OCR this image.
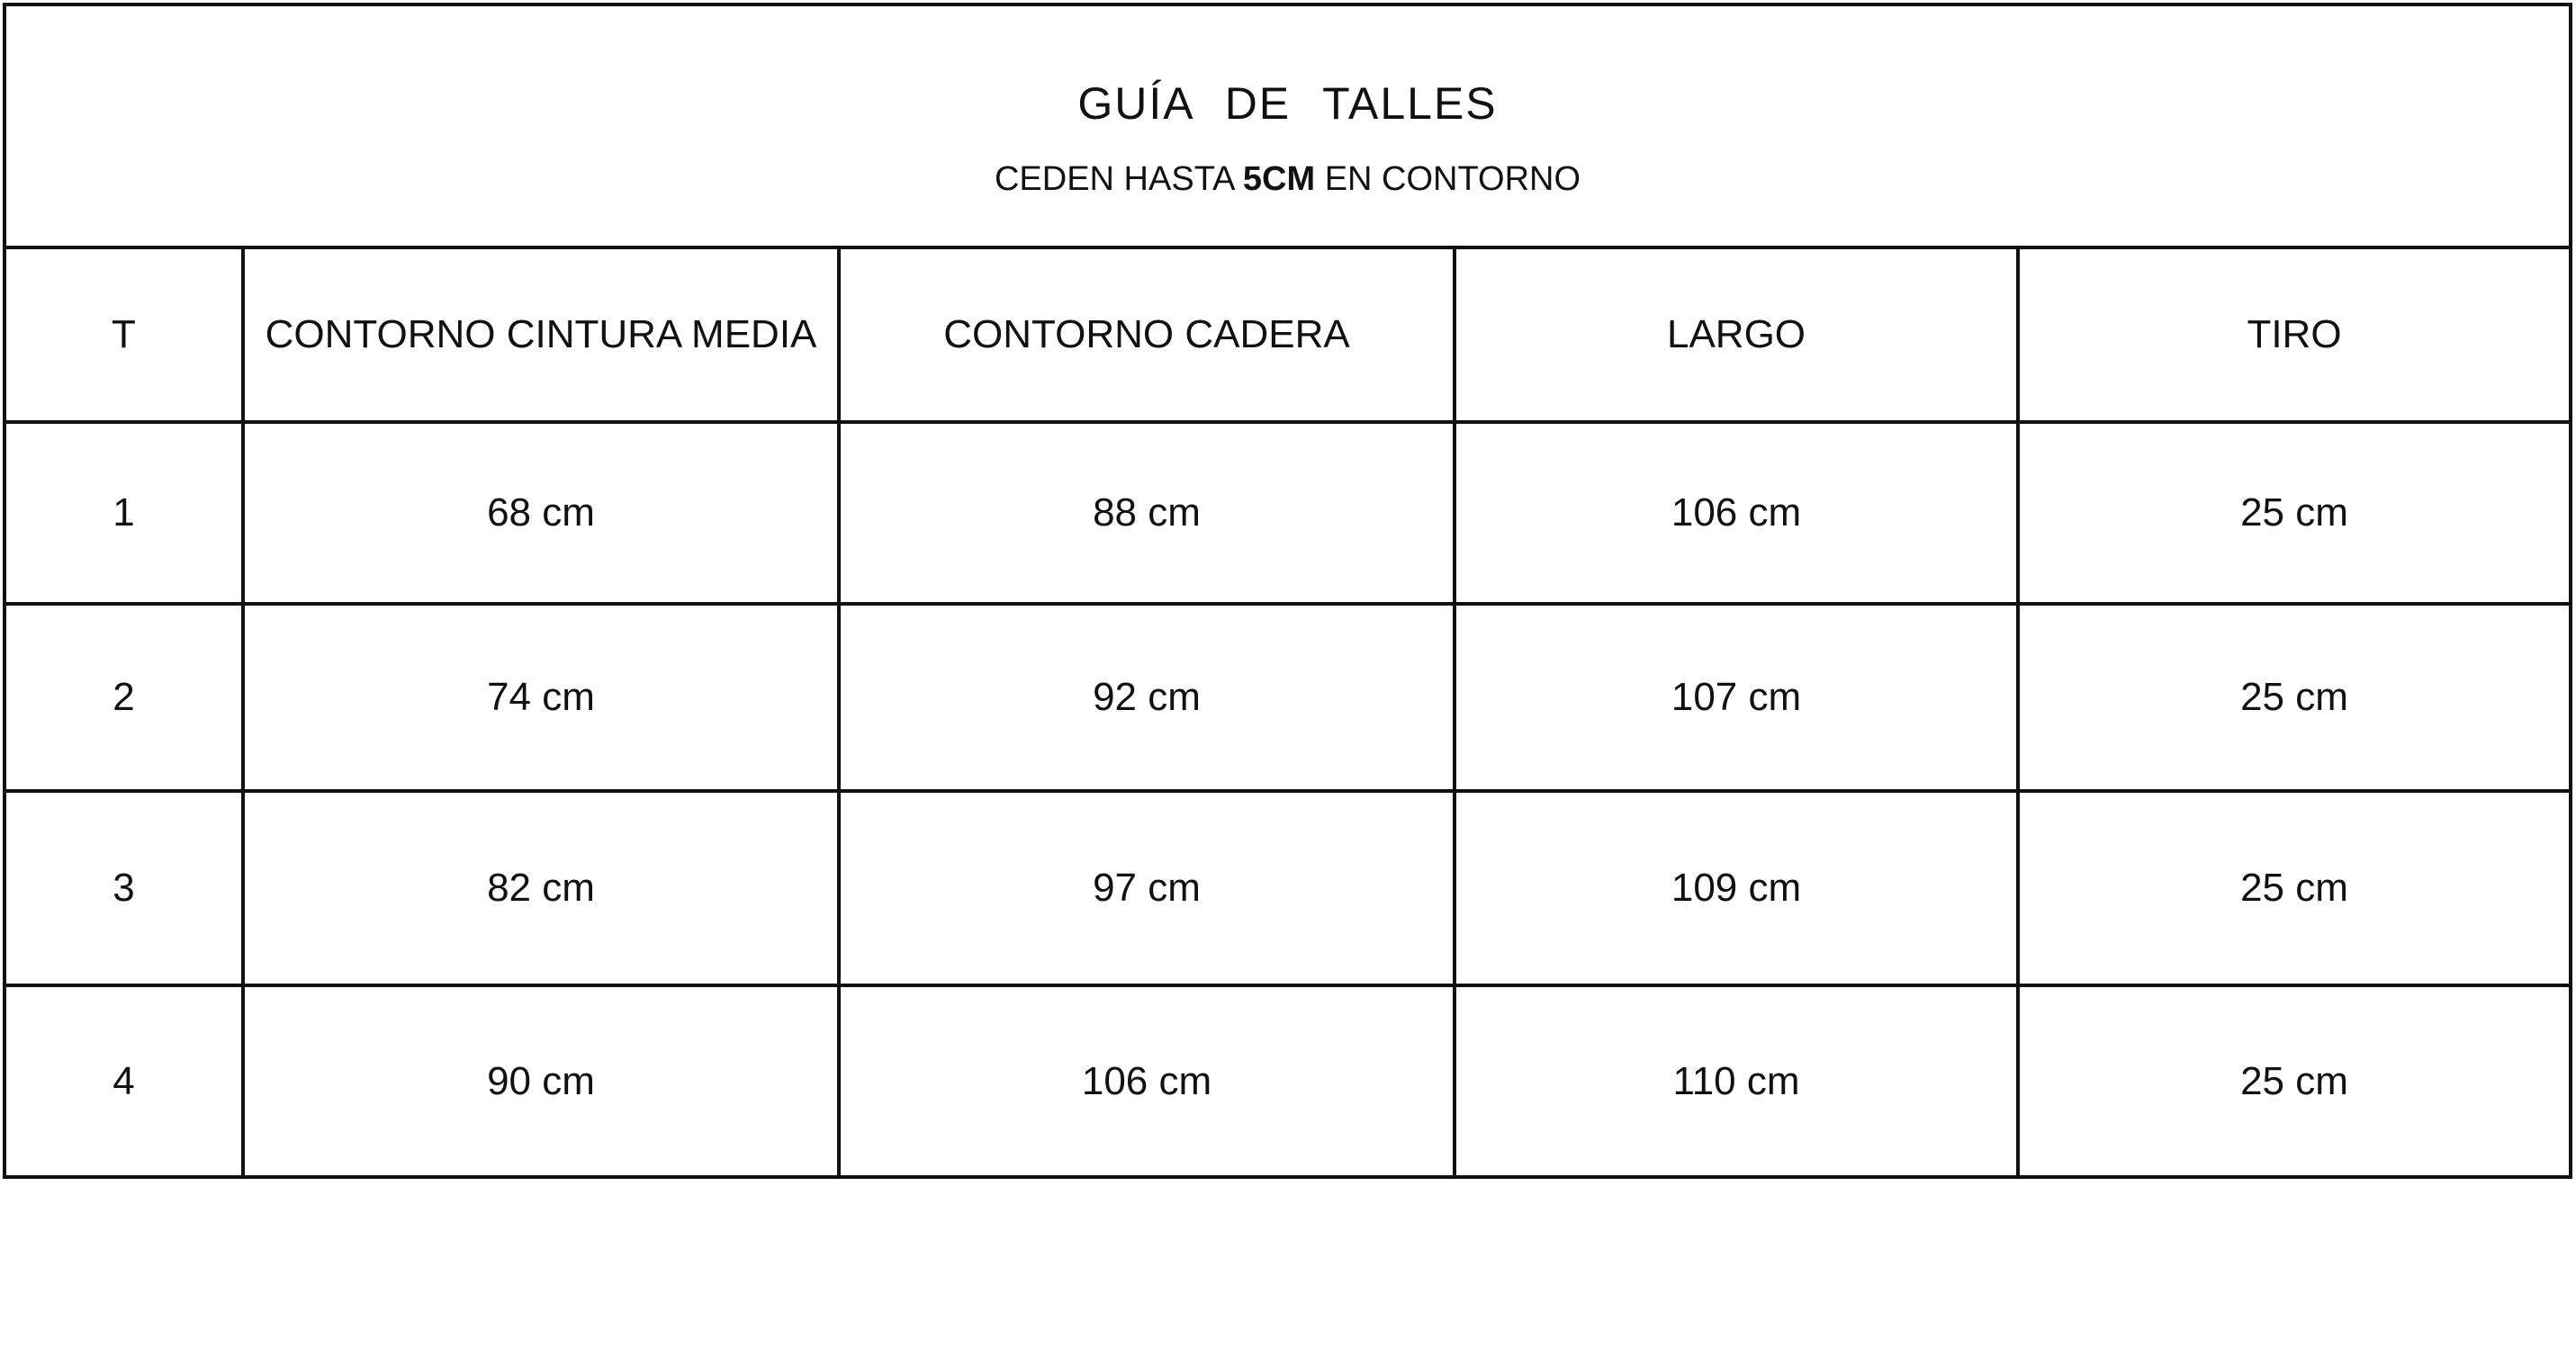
GUÍA DE TALLES
CEDEN HASTA 5CM EN CONTORNO
T	CONTORNO CINTURA MEDIA	CONTORNO CADERA	LARGO	TIRO
1	68 cm	88 cm	106 cm	25 cm
2	74 cm	92 cm	107 cm	25 cm
3	82 cm	97 cm	109 cm	25 cm
4	90 cm	106 cm	110 cm	25 cm
